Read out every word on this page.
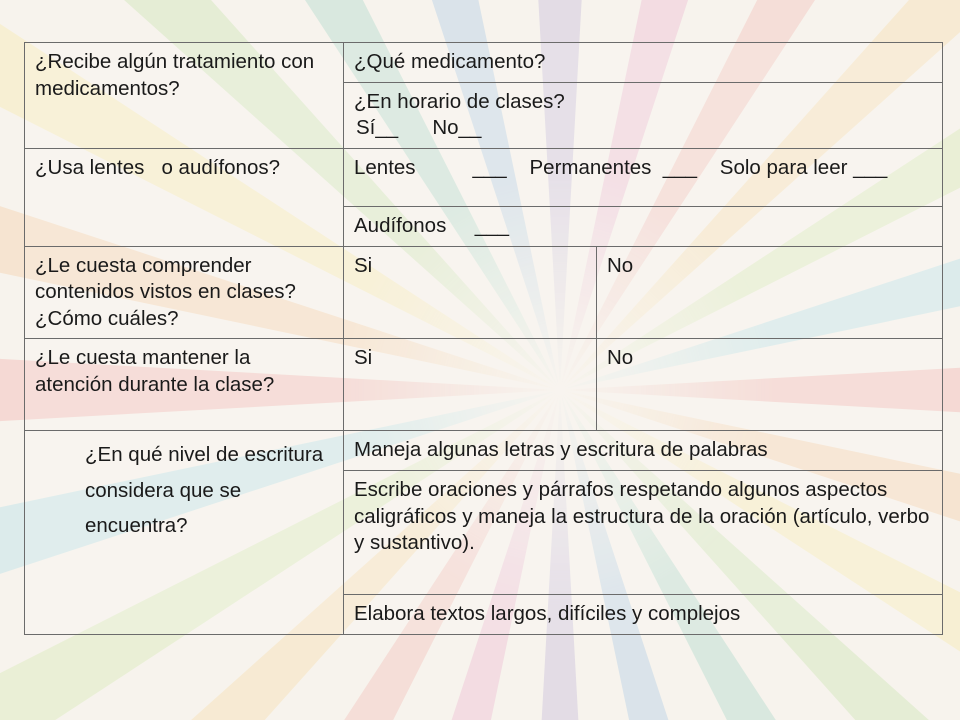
¿Recibe algún tratamiento con medicamentos?	¿Qué medicamento?	

	¿En horario de clases?
Sí__      No__	

¿Usa lentes   o audífonos?	Lentes          ___    Permanentes  ___    Solo para leer ___	
	Audífonos     ___	
¿Le cuesta comprender contenidos vistos en clases? ¿Cómo cuáles?	Si	No
¿Le cuesta mantener la atención durante la clase?	Si	No
¿En qué nivel de escritura considera que se encuentra?	Maneja algunas letras y escritura de palabras	
	Escribe oraciones y párrafos respetando algunos aspectos caligráficos y maneja la estructura de la oración (artículo, verbo y sustantivo).	
	Elabora textos largos, difíciles y complejos	
